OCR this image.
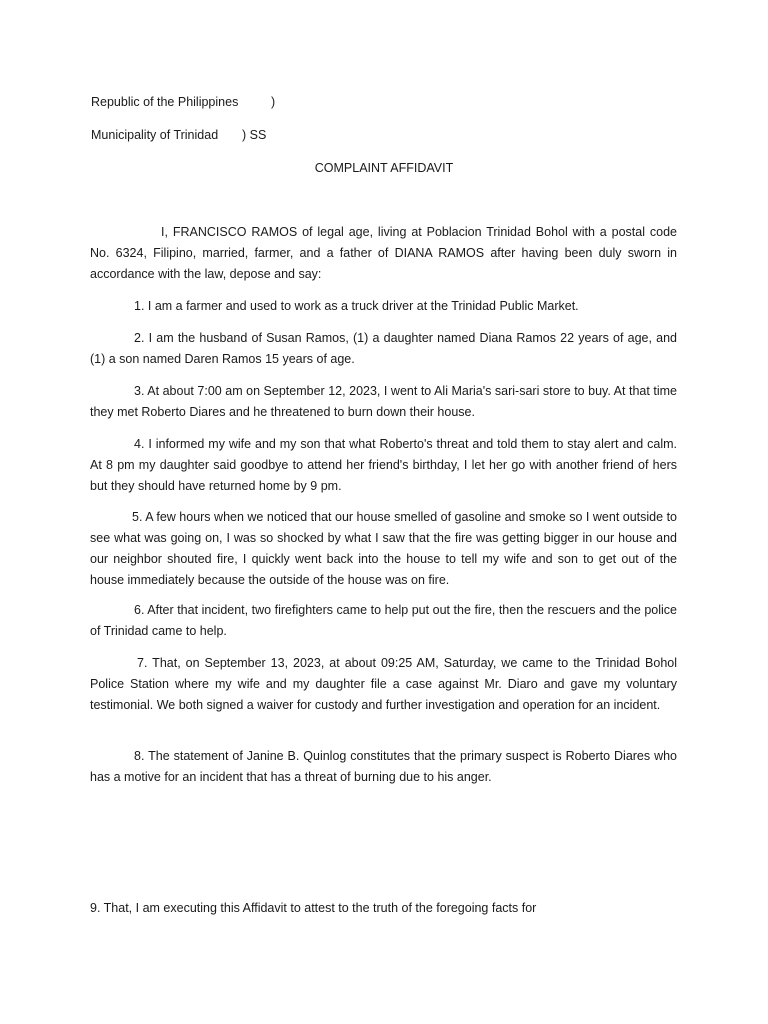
Republic of the Philippines	)
Municipality of Trinidad ) SS
COMPLAINT AFFIDAVIT

I, FRANCISCO RAMOS of legal age, living at Poblacion Trinidad Bohol with a postal code No. 6324, Filipino, married, farmer, and a father of DIANA RAMOS after having been duly sworn in accordance with the law, depose and say:

1. I am a farmer and used to work as a truck driver at the Trinidad Public Market.

2. I am the husband of Susan Ramos, (1) a daughter named Diana Ramos 22 years of age, and (1) a son named Daren Ramos 15 years of age.

3. At about 7:00 am on September 12, 2023, I went to Ali Maria's sari-sari store to buy. At that time they met Roberto Diares and he threatened to burn down their house.

4. I informed my wife and my son that what Roberto's threat and told them to stay alert and calm. At 8 pm my daughter said goodbye to attend her friend's birthday, I let her go with another friend of hers but they should have returned home by 9 pm.

5. A few hours when we noticed that our house smelled of gasoline and smoke so I went outside to see what was going on, I was so shocked by what I saw that the fire was getting bigger in our house and our neighbor shouted fire, I quickly went back into the house to tell my wife and son to get out of the house immediately because the outside of the house was on fire.

6. After that incident, two firefighters came to help put out the fire, then the rescuers and the police of Trinidad came to help.

7. That, on September 13, 2023, at about 09:25 AM, Saturday, we came to the Trinidad Bohol Police Station where my wife and my daughter file a case against Mr. Diaro and gave my voluntary testimonial. We both signed a waiver for custody and further investigation and operation for an incident.

8. The statement of Janine B. Quinlog constitutes that the primary suspect is Roberto Diares who has a motive for an incident that has a threat of burning due to his anger.

9. That, I am executing this Affidavit to attest to the truth of the foregoing facts for
